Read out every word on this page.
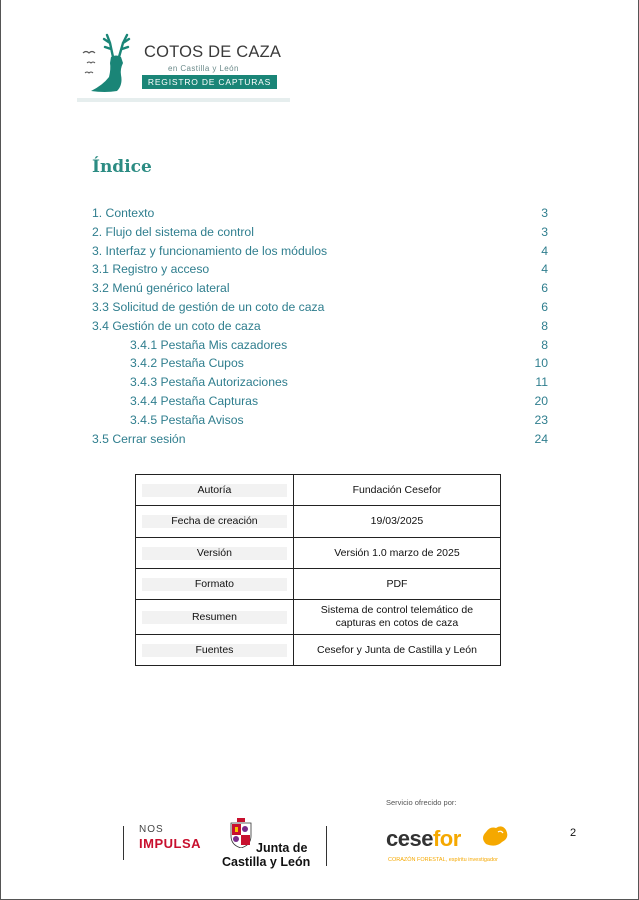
COTOS DE CAZA
en Castilla y León
REGISTRO DE CAPTURAS
Índice
1. Contexto	3
2. Flujo del sistema de control	3
3. Interfaz y funcionamiento de los módulos	4
3.1 Registro y acceso	4
3.2 Menú genérico lateral	6
3.3 Solicitud de gestión de un coto de caza	6
3.4 Gestión de un coto de caza	8
3.4.1 Pestaña Mis cazadores	8
3.4.2 Pestaña Cupos	10
3.4.3 Pestaña Autorizaciones	11
3.4.4 Pestaña Capturas	20
3.4.5 Pestaña Avisos	23
3.5 Cerrar sesión	24
Autoría	Fundación Cesefor

Fecha de creación	19/03/2025

Versión	Versión 1.0 marzo de 2025

Formato	PDF

Resumen	Sistema de control telemático de capturas en cotos de caza

Fuentes	Cesefor y Junta de Castilla y León
Servicio ofrecido por:
NOS
IMPULSA	Junta de
Castilla y León
cesefor
CORAZÓN FORESTAL, espíritu investigador
2
